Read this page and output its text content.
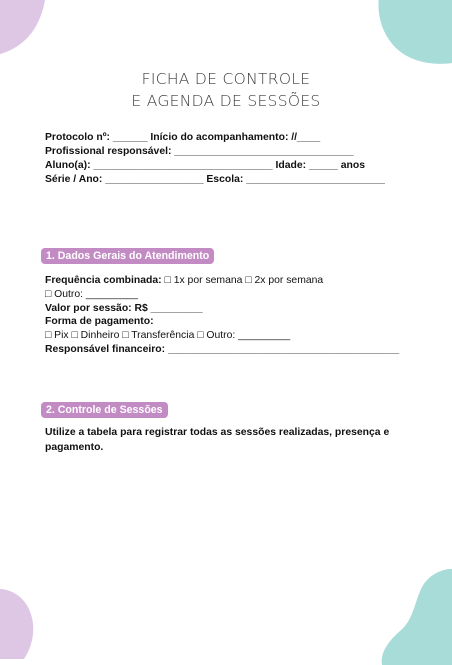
FICHA DE CONTROLE
E AGENDA DE SESSÕES
Protocolo nº: ______ Início do acompanhamento: //____
Profissional responsável: _______________________________
Aluno(a): _______________________________ Idade: _____ anos
Série / Ano: _________________ Escola: ________________________
1. Dados Gerais do Atendimento
Frequência combinada: □ 1x por semana □ 2x por semana
□ Outro: _________
Valor por sessão: R$ _________
Forma de pagamento:
□ Pix □ Dinheiro □ Transferência □ Outro: _________
Responsável financeiro: ________________________________________
2. Controle de Sessões
Utilize a tabela para registrar todas as sessões realizadas, presença e pagamento.
